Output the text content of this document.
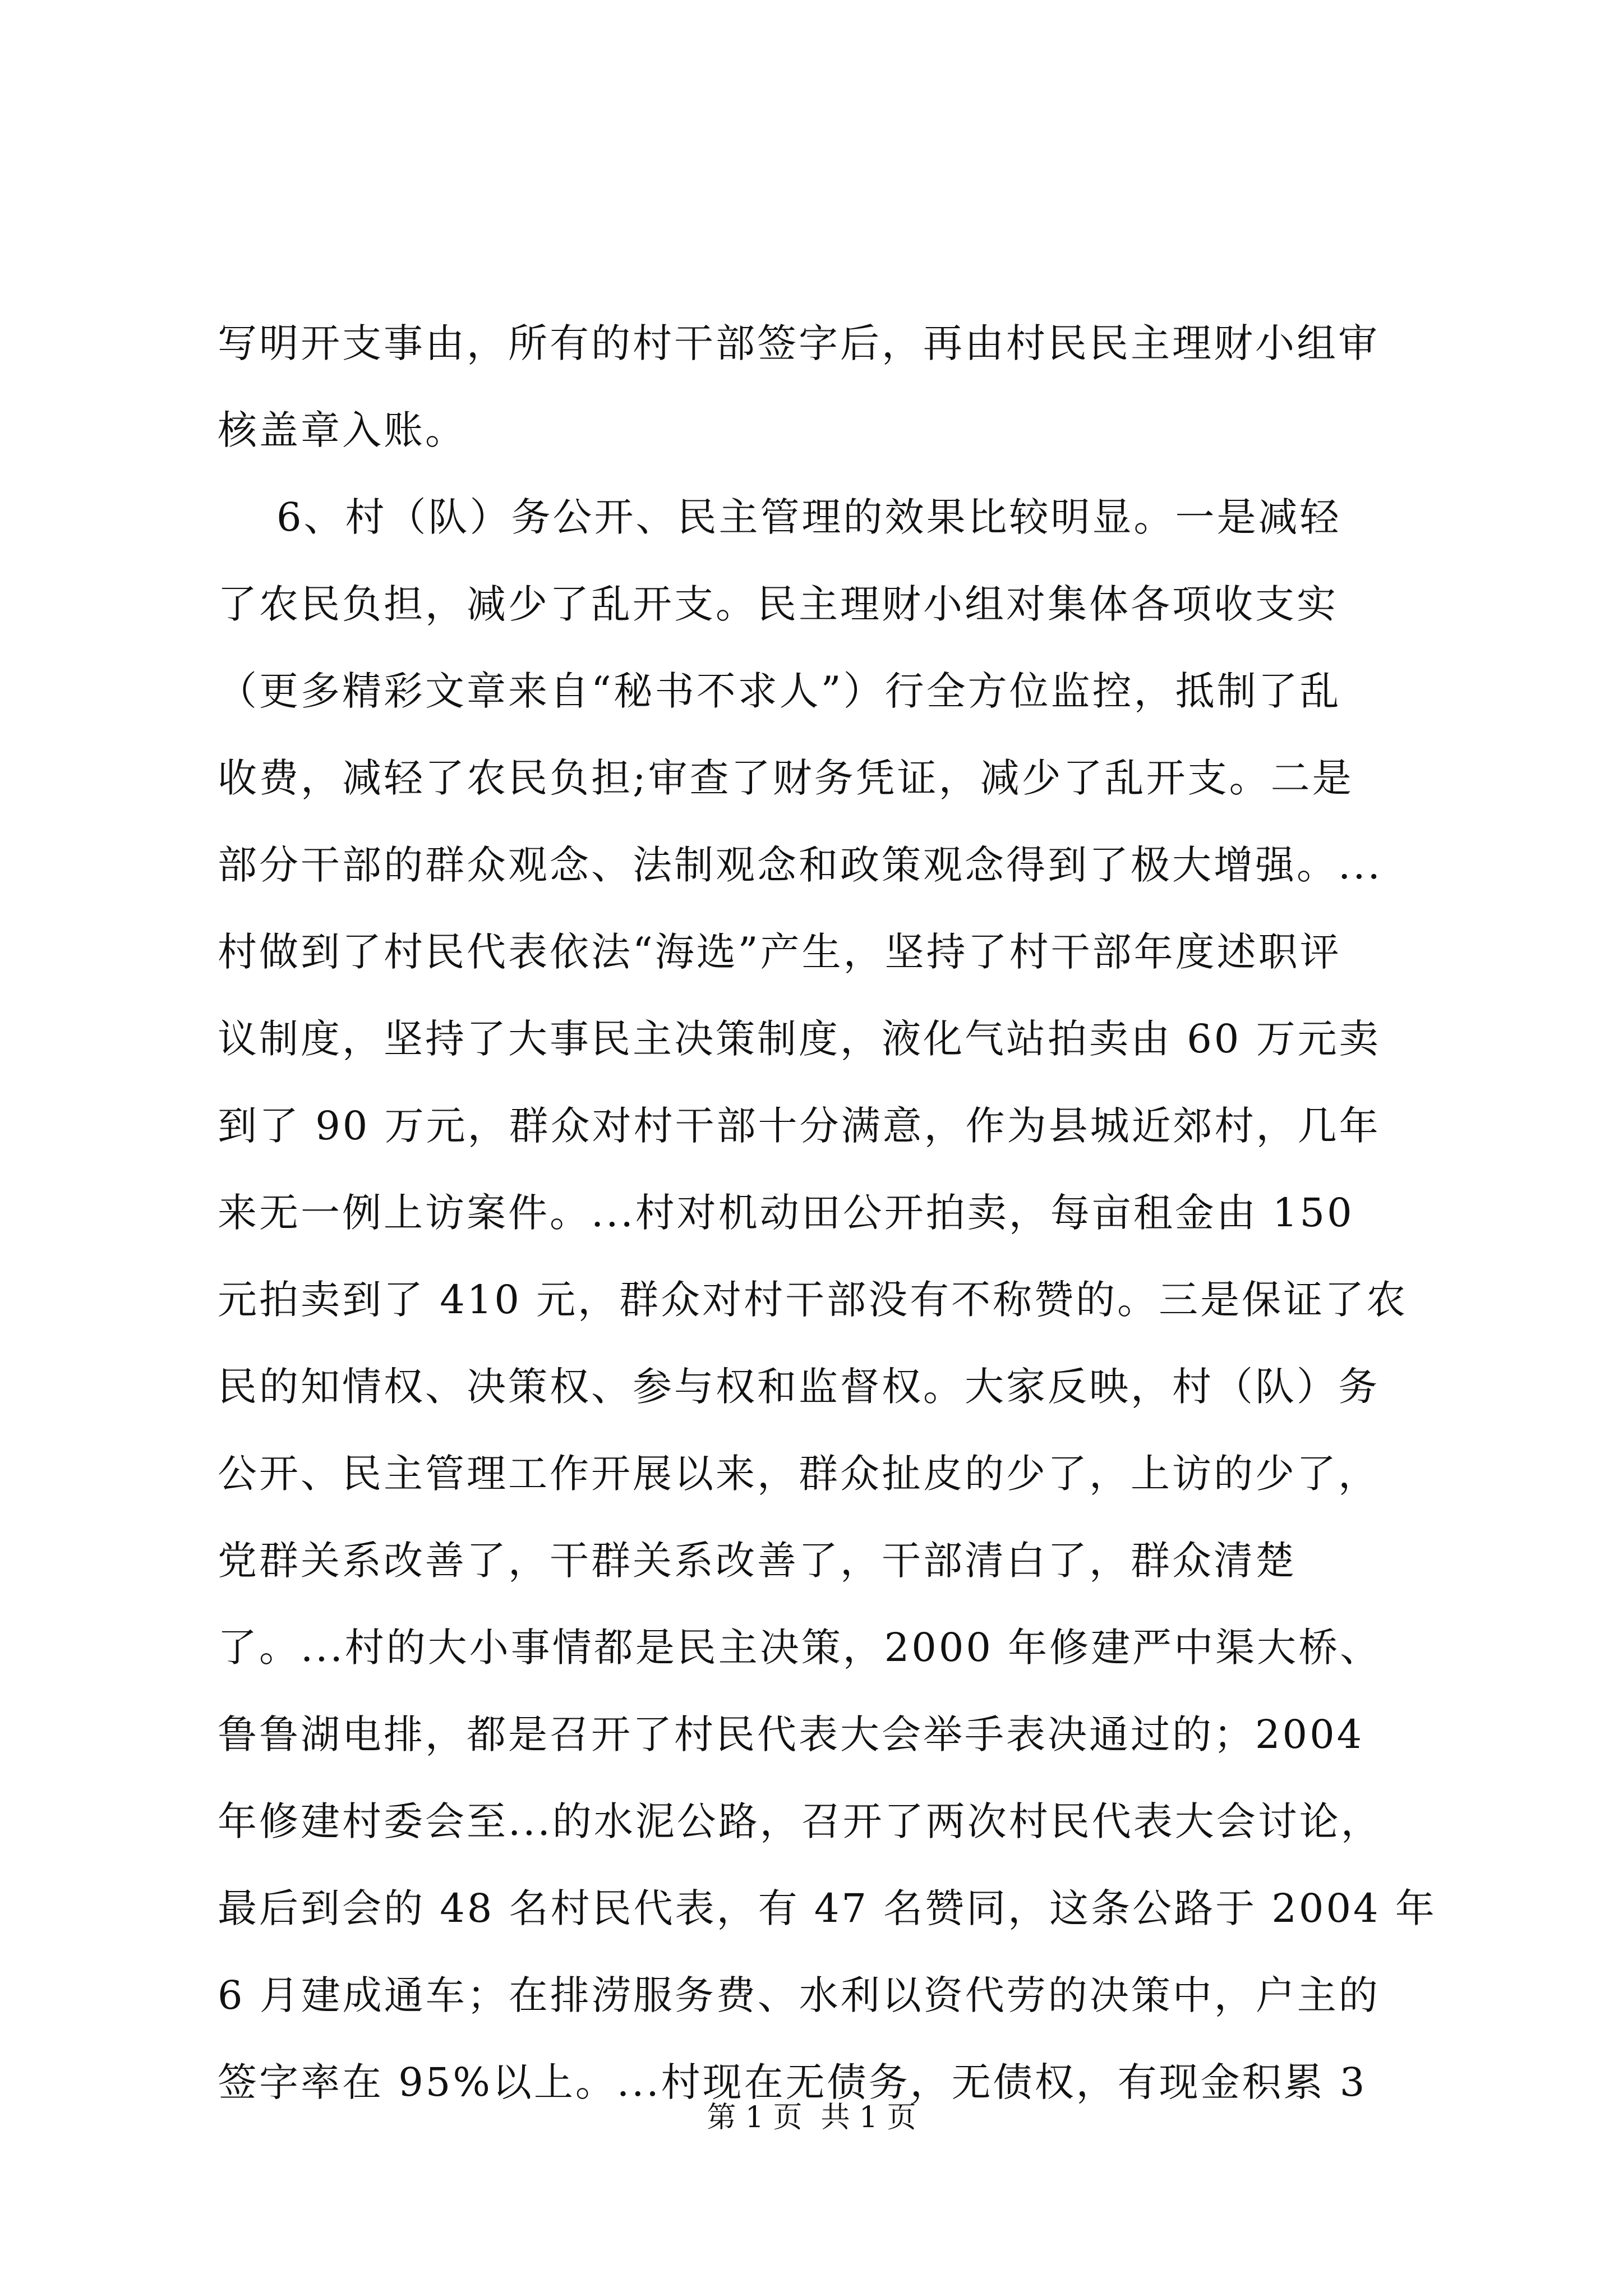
写明开支事由，所有的村干部签字后，再由村民民主理财小组审
核盖章入账。
6、村（队）务公开、民主管理的效果比较明显。一是减轻
了农民负担，减少了乱开支。民主理财小组对集体各项收支实
（更多精彩文章来自“秘书不求人”）行全方位监控，抵制了乱
收费，减轻了农民负担;审查了财务凭证，减少了乱开支。二是
部分干部的群众观念、法制观念和政策观念得到了极大增强。...
村做到了村民代表依法“海选”产生，坚持了村干部年度述职评
议制度，坚持了大事民主决策制度，液化气站拍卖由 60 万元卖
到了 90 万元，群众对村干部十分满意，作为县城近郊村，几年
来无一例上访案件。...村对机动田公开拍卖，每亩租金由 150
元拍卖到了 410 元，群众对村干部没有不称赞的。三是保证了农
民的知情权、决策权、参与权和监督权。大家反映，村（队）务
公开、民主管理工作开展以来，群众扯皮的少了，上访的少了，
党群关系改善了，干群关系改善了，干部清白了，群众清楚
了。...村的大小事情都是民主决策，2000 年修建严中渠大桥、
鲁鲁湖电排，都是召开了村民代表大会举手表决通过的；2004
年修建村委会至...的水泥公路，召开了两次村民代表大会讨论，
最后到会的 48 名村民代表，有 47 名赞同，这条公路于 2004 年
6 月建成通车；在排涝服务费、水利以资代劳的决策中，户主的
签字率在 95%以上。...村现在无债务，无债权，有现金积累 3
第 1 页  共 1 页
